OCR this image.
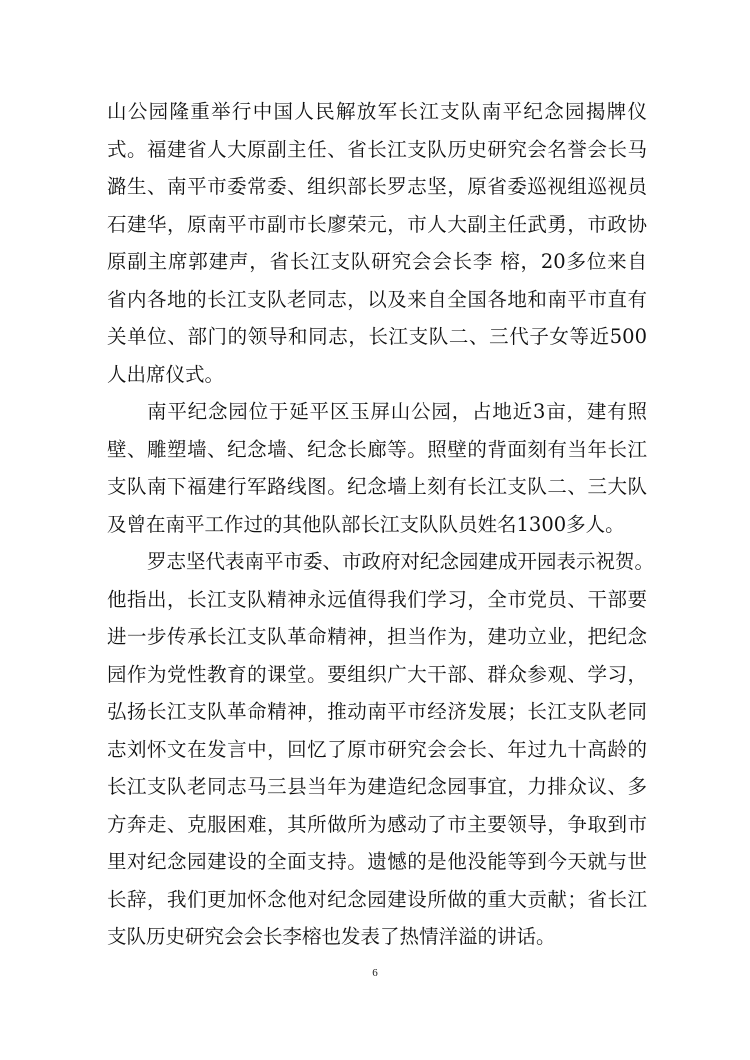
山公园隆重举行中国人民解放军长江支队南平纪念园揭牌仪
式。福建省人大原副主任、省长江支队历史研究会名誉会长马
潞生、南平市委常委、组织部长罗志坚，原省委巡视组巡视员
石建华，原南平市副市长廖荣元，市人大副主任武勇，市政协
原副主席郭建声，省长江支队研究会会长李 榕，20多位来自
省内各地的长江支队老同志，以及来自全国各地和南平市直有
关单位、部门的领导和同志，长江支队二、三代子女等近500
人出席仪式。
南平纪念园位于延平区玉屏山公园，占地近3亩，建有照
壁、雕塑墙、纪念墙、纪念长廊等。照壁的背面刻有当年长江
支队南下福建行军路线图。纪念墙上刻有长江支队二、三大队
及曾在南平工作过的其他队部长江支队队员姓名1300多人。
罗志坚代表南平市委、市政府对纪念园建成开园表示祝贺。
他指出，长江支队精神永远值得我们学习，全市党员、干部要
进一步传承长江支队革命精神，担当作为，建功立业，把纪念
园作为党性教育的课堂。要组织广大干部、群众参观、学习，
弘扬长江支队革命精神，推动南平市经济发展；长江支队老同
志刘怀文在发言中，回忆了原市研究会会长、年过九十高龄的
长江支队老同志马三县当年为建造纪念园事宜，力排众议、多
方奔走、克服困难，其所做所为感动了市主要领导，争取到市
里对纪念园建设的全面支持。遗憾的是他没能等到今天就与世
长辞，我们更加怀念他对纪念园建设所做的重大贡献；省长江
支队历史研究会会长李榕也发表了热情洋溢的讲话。
6
